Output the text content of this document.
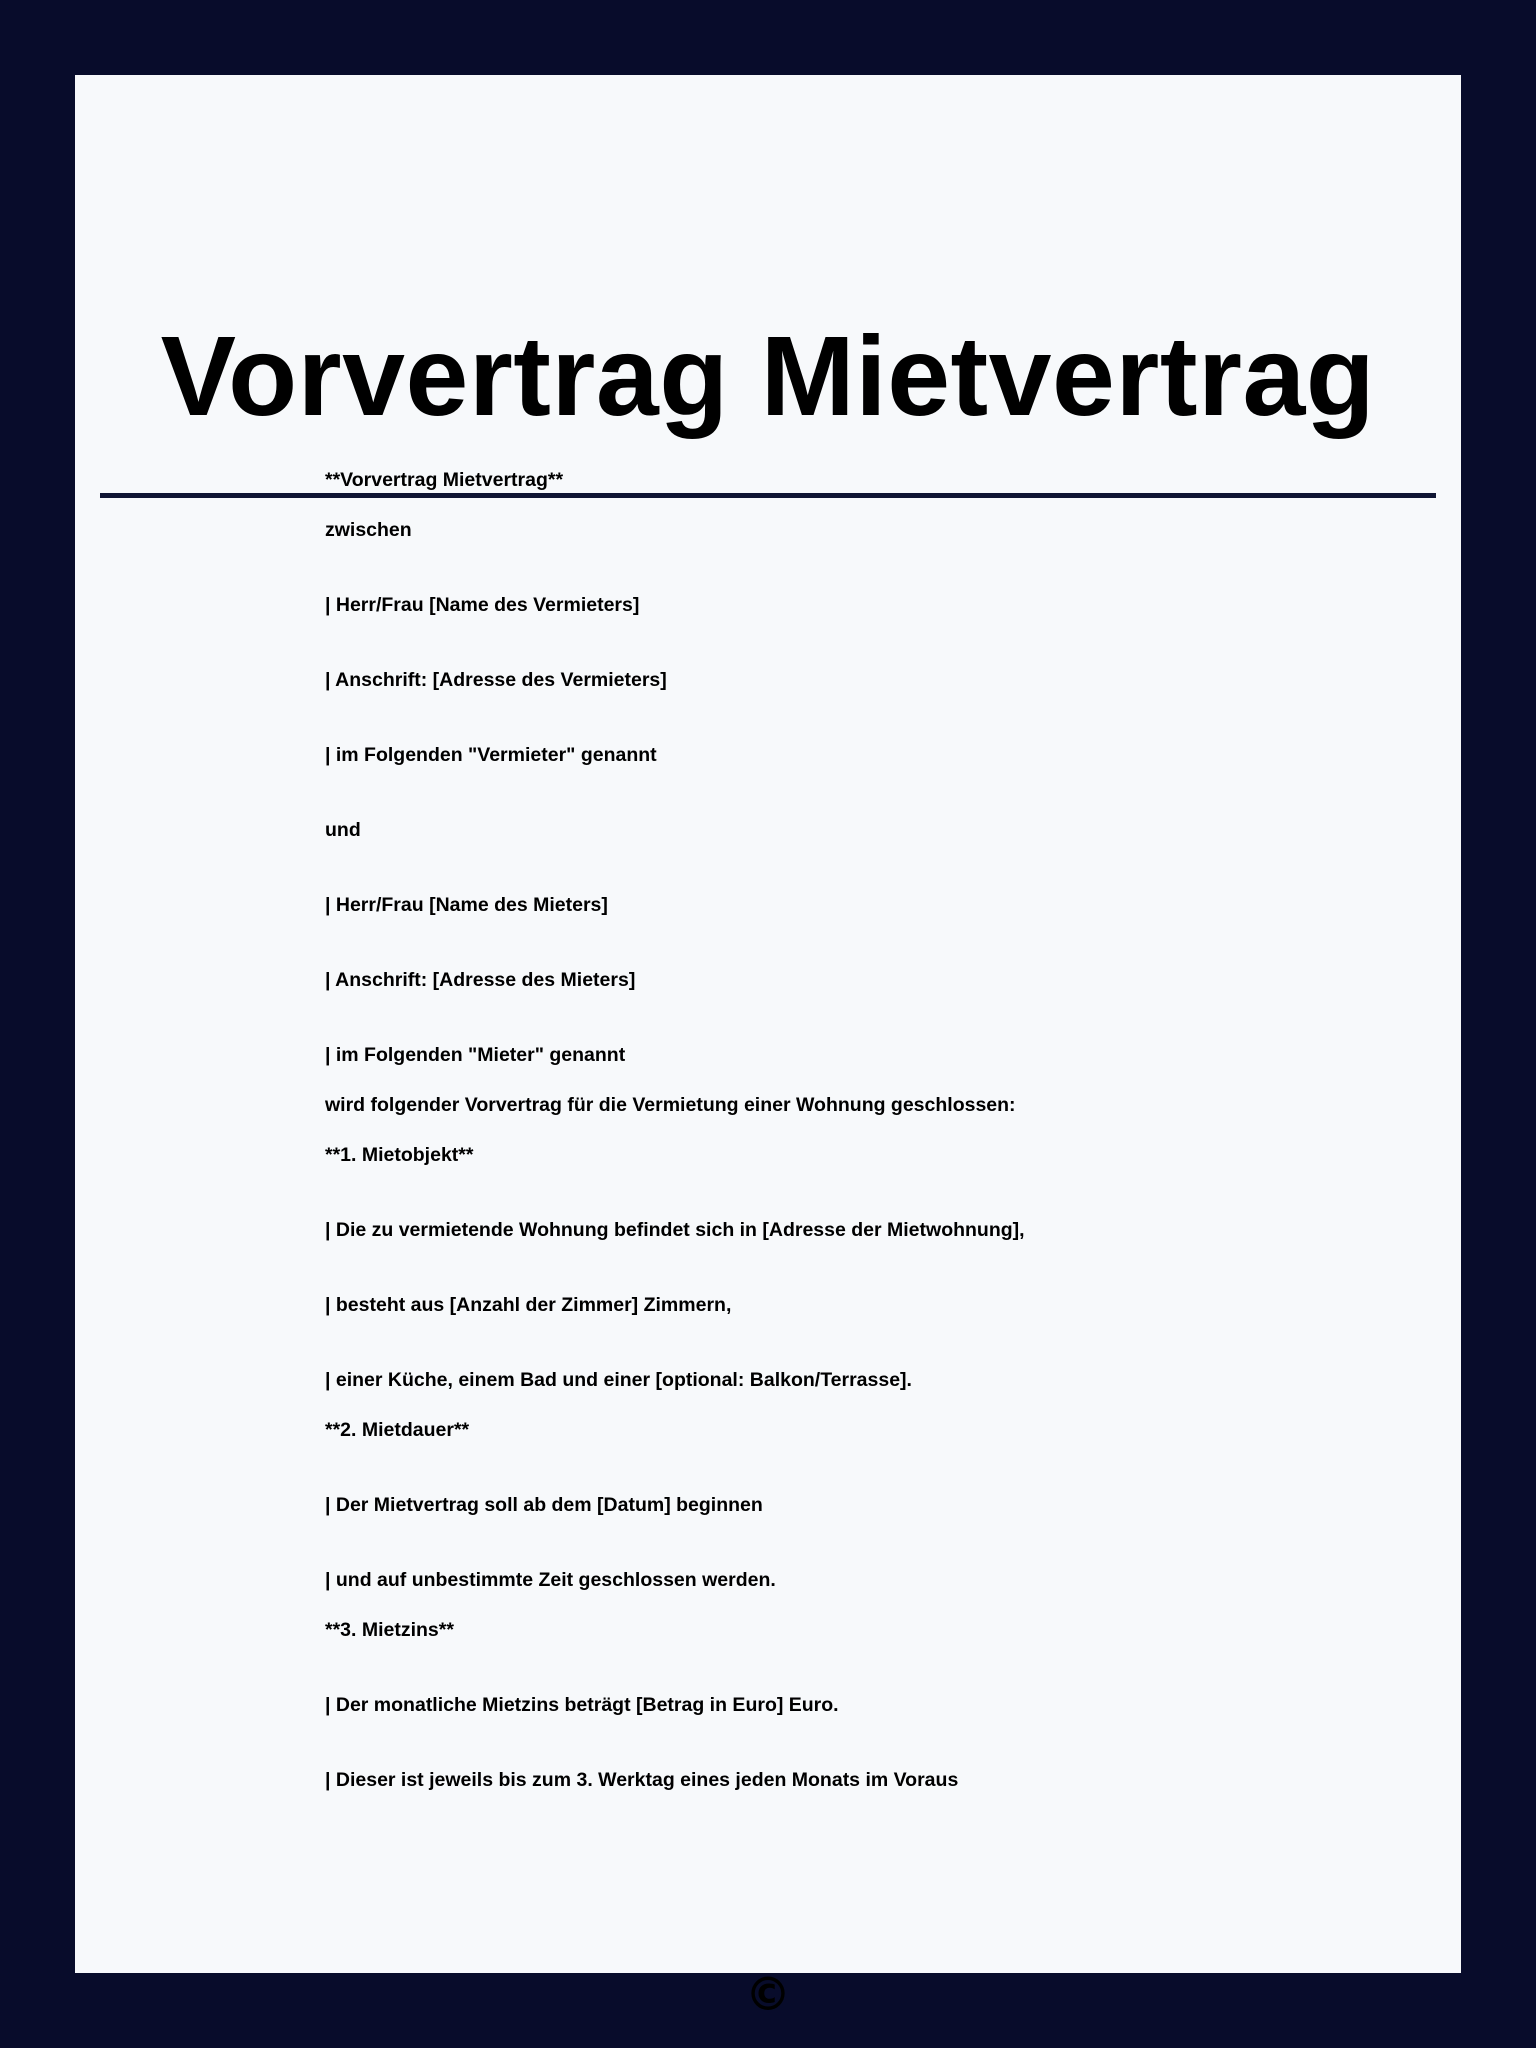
Vorvertrag Mietvertrag

**Vorvertrag Mietvertrag**

zwischen

| Herr/Frau [Name des Vermieters]

| Anschrift: [Adresse des Vermieters]

| im Folgenden "Vermieter" genannt

und

| Herr/Frau [Name des Mieters]

| Anschrift: [Adresse des Mieters]

| im Folgenden "Mieter" genannt

wird folgender Vorvertrag für die Vermietung einer Wohnung geschlossen:

**1. Mietobjekt**

| Die zu vermietende Wohnung befindet sich in [Adresse der Mietwohnung],

| besteht aus [Anzahl der Zimmer] Zimmern,

| einer Küche, einem Bad und einer [optional: Balkon/Terrasse].

**2. Mietdauer**

| Der Mietvertrag soll ab dem [Datum] beginnen

| und auf unbestimmte Zeit geschlossen werden.

**3. Mietzins**

| Der monatliche Mietzins beträgt [Betrag in Euro] Euro.

| Dieser ist jeweils bis zum 3. Werktag eines jeden Monats im Voraus

©
